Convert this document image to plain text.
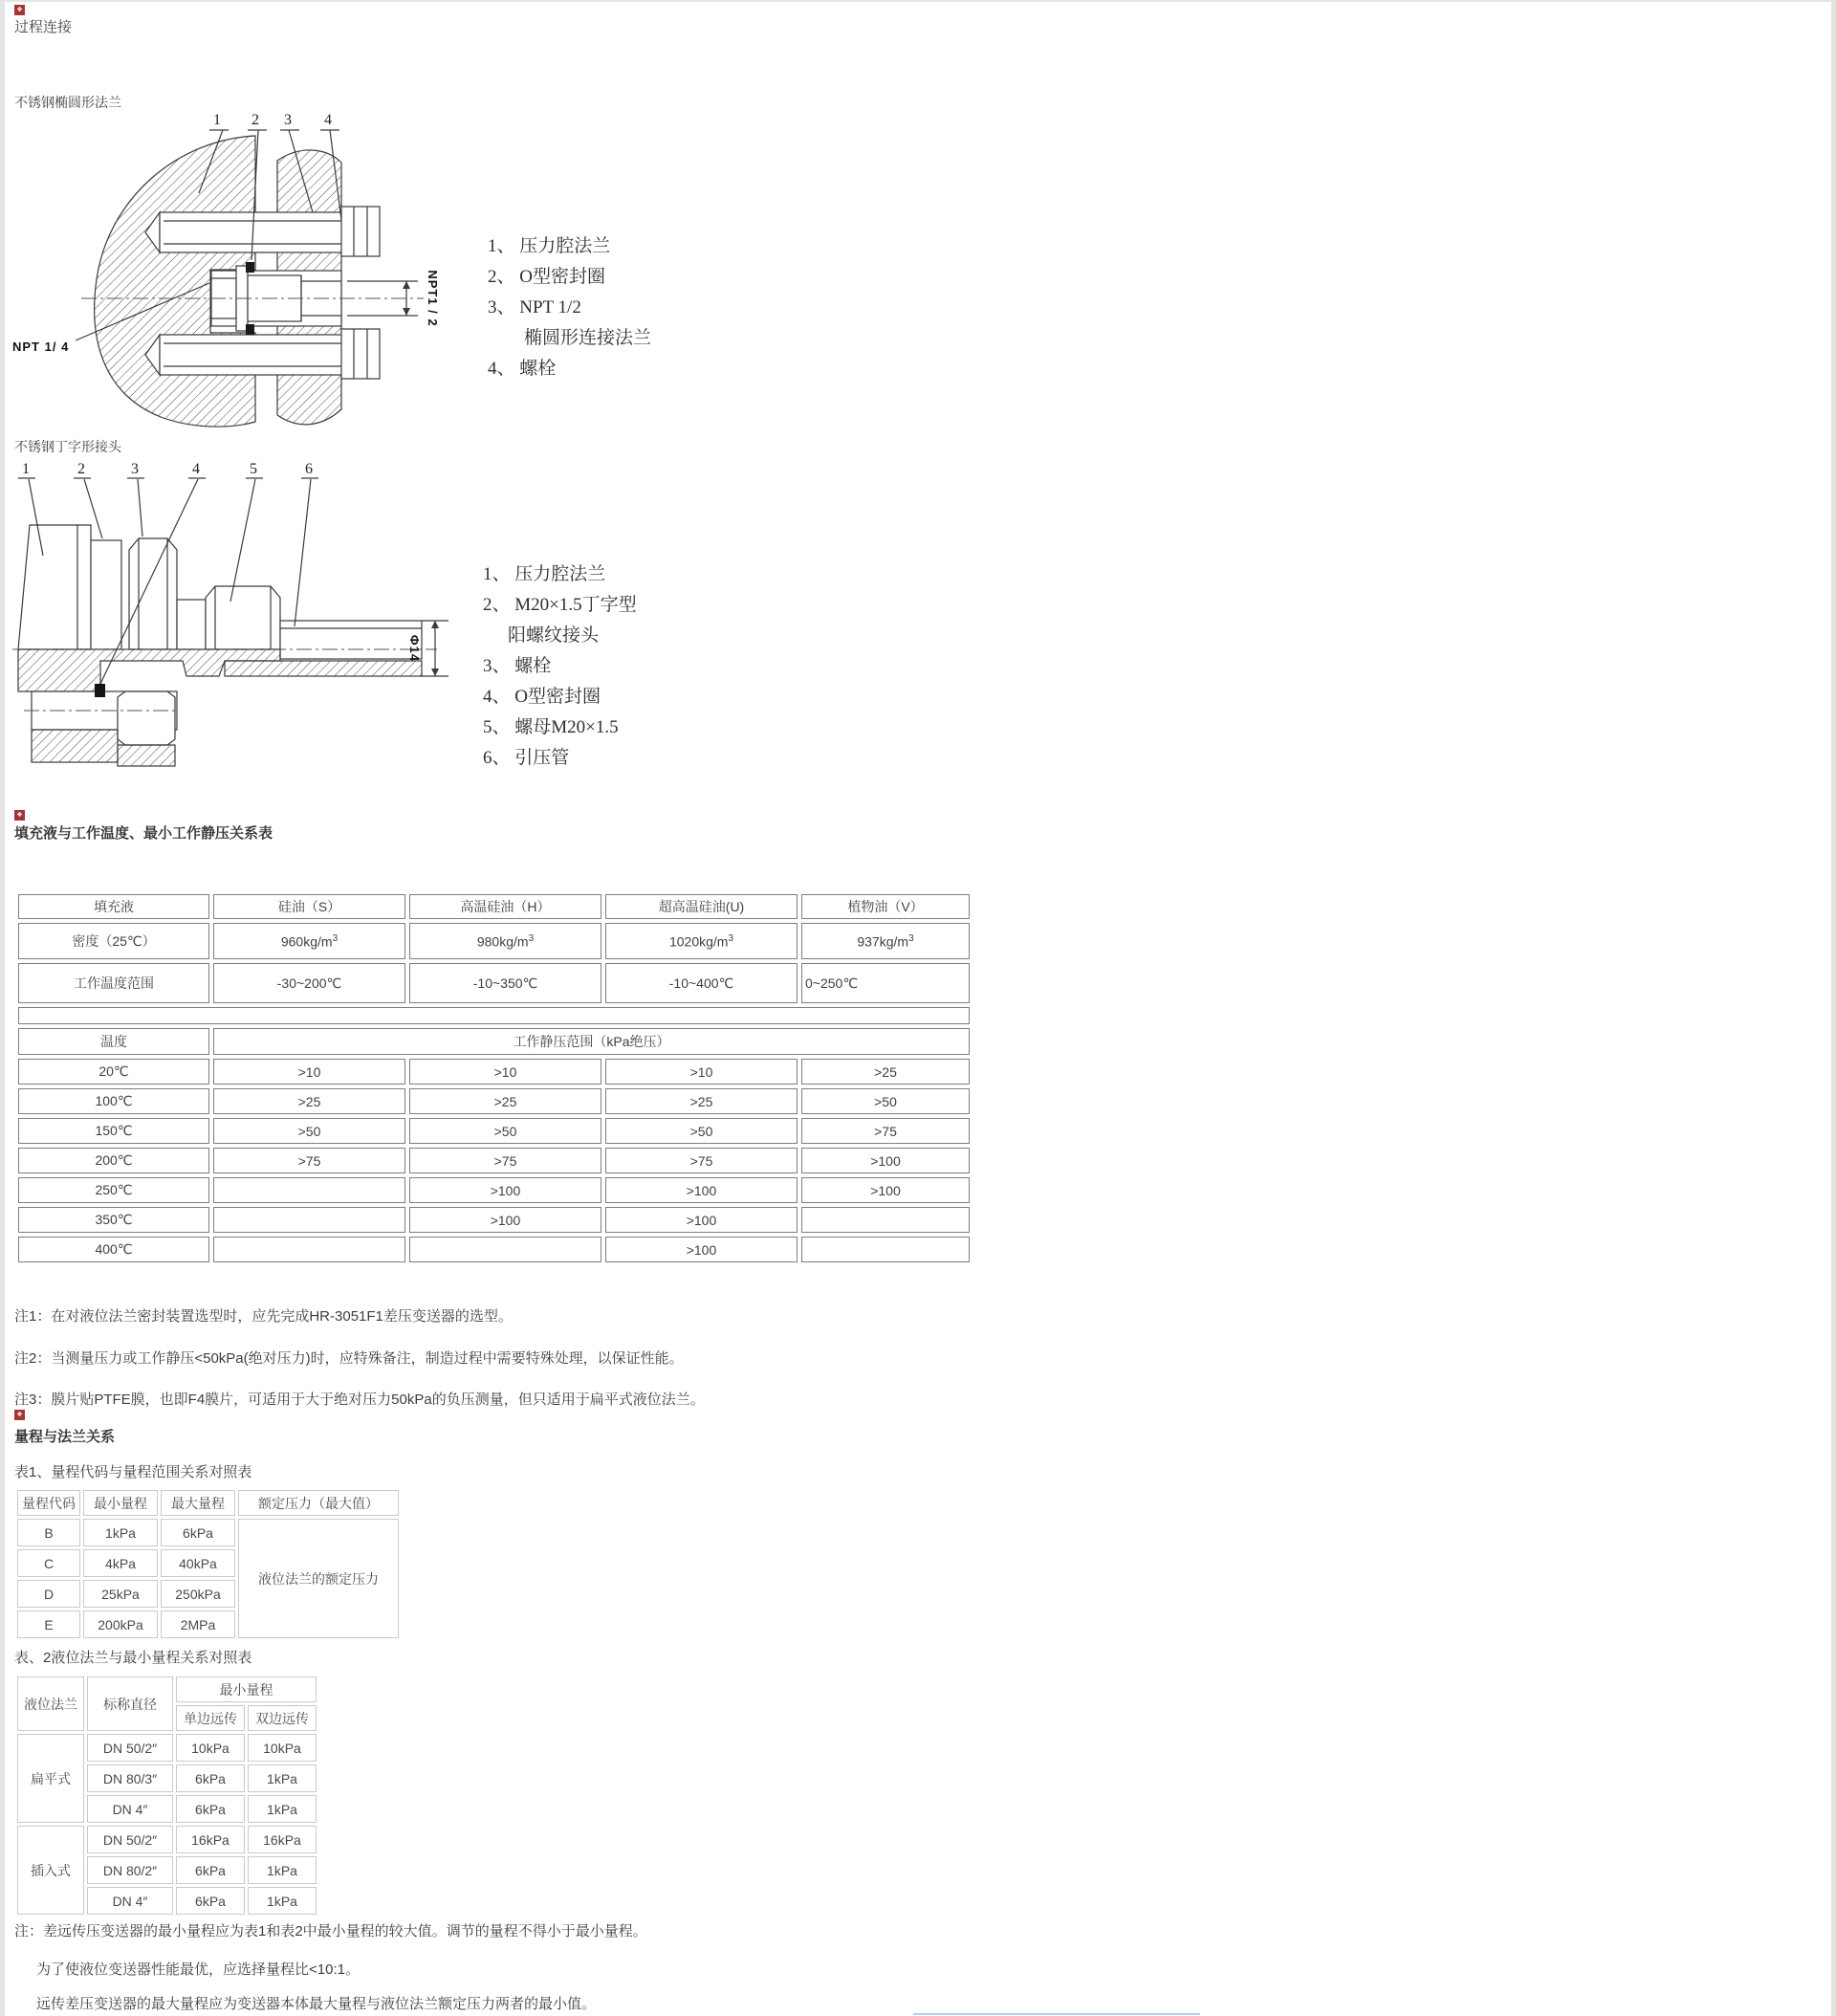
❖
过程连接
不锈钢椭圆形法兰
1 2 3 4
NPT 1/ 4
NPT1 / 2
1、 压力腔法兰
2、 O型密封圈
3、 NPT 1/2
椭圆形连接法兰
4、 螺栓
不锈钢丁字形接头
1	2	3	4	5	6
Φ14
1、 压力腔法兰
2、 M20×1.5丁字型
阳螺纹接头
3、 螺栓
4、 O型密封圈
5、 螺母M20×1.5
6、 引压管
❖
填充液与工作温度、最小工作静压关系表
填充液	硅油（S）	高温硅油（H）	超高温硅油(U)	植物油（V）
密度（25℃）	$960kg/m^3$	$980kg/m^3$	$1020kg/m^3$	$937kg/m^3$
工作温度范围	-30~200℃	-10~350℃	-10~400℃	0~250℃

温度	工作静压范围（kPa绝压）			
20℃	>10	>10	>10	>25
100℃	>25	>25	>25	>50
150℃	>50	>50	>50	>75
200℃	>75	>75	>75	>100
250℃		>100	>100	>100
350℃		>100	>100	
400℃			>100	
注1：在对液位法兰密封装置选型时，应先完成HR-3051F1差压变送器的选型。
注2：当测量压力或工作静压<50kPa(绝对压力)时，应特殊备注，制造过程中需要特殊处理，以保证性能。
注3：膜片贴PTFE膜，也即F4膜片，可适用于大于绝对压力50kPa的负压测量，但只适用于扁平式液位法兰。
❖
量程与法兰关系
表1、量程代码与量程范围关系对照表
量程代码	最小量程	最大量程	额定压力（最大值）
B	1kPa	6kPa	液位法兰的额定压力
C	4kPa	40kPa	
D	25kPa	250kPa	
E	200kPa	2MPa	
表、2液位法兰与最小量程关系对照表
液位法兰	标称直径	最小量程	
		单边远传	双边远传
扁平式	DN 50/2″	10kPa	10kPa
	DN 80/3″	6kPa	1kPa
	DN 4″	6kPa	1kPa
插入式	DN 50/2″	16kPa	16kPa
	DN 80/2″	6kPa	1kPa
	DN 4″	6kPa	1kPa
注：差远传压变送器的最小量程应为表1和表2中最小量程的较大值。调节的量程不得小于最小量程。
为了使液位变送器性能最优，应选择量程比<10:1。
远传差压变送器的最大量程应为变送器本体最大量程与液位法兰额定压力两者的最小值。
